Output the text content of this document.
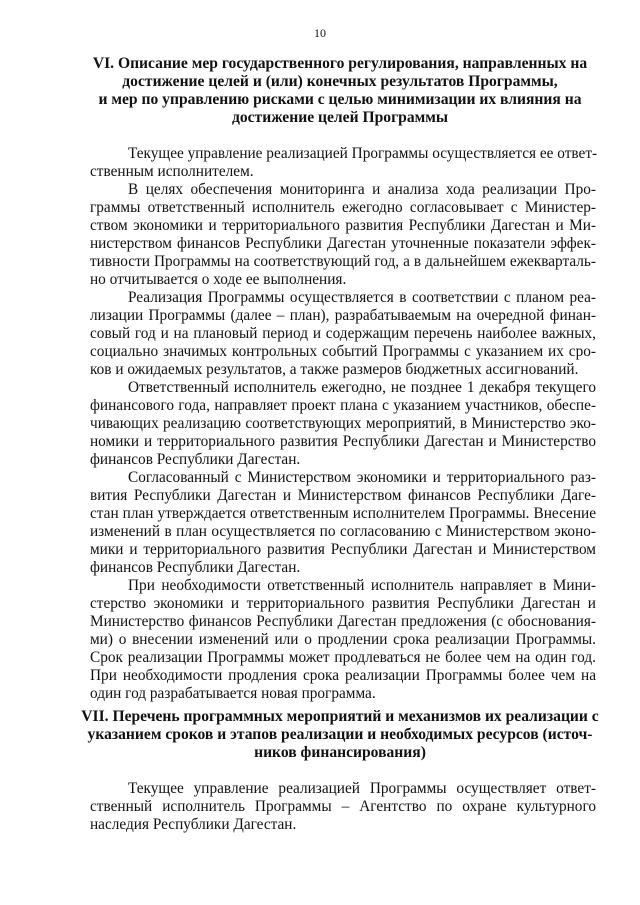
10
VI. Описание мер государственного регулирования, направленных на
достижение целей и (или) конечных результатов Программы,
и мер по управлению рисками с целью минимизации их влияния на
достижение целей Программы
Текущее управление реализацией Программы осуществляется ее ответ-
ственным исполнителем.
В целях обеспечения мониторинга и анализа хода реализации Про-
граммы ответственный исполнитель ежегодно согласовывает с Министер-
ством экономики и территориального развития Республики Дагестан и Ми-
нистерством финансов Республики Дагестан уточненные показатели эффек-
тивности Программы на соответствующий год, а в дальнейшем ежекварталь-
но отчитывается о ходе ее выполнения.
Реализация Программы осуществляется в соответствии с планом реа-
лизации Программы (далее – план), разрабатываемым на очередной финан-
совый год и на плановый период и содержащим перечень наиболее важных,
социально значимых контрольных событий Программы с указанием их сро-
ков и ожидаемых результатов, а также размеров бюджетных ассигнований.
Ответственный исполнитель ежегодно, не позднее 1 декабря текущего
финансового года, направляет проект плана с указанием участников, обеспе-
чивающих реализацию соответствующих мероприятий, в Министерство эко-
номики и территориального развития Республики Дагестан и Министерство
финансов Республики Дагестан.
Согласованный с Министерством экономики и территориального раз-
вития Республики Дагестан и Министерством финансов Республики Даге-
стан план утверждается ответственным исполнителем Программы. Внесение
изменений в план осуществляется по согласованию с Министерством эконо-
мики и территориального развития Республики Дагестан и Министерством
финансов Республики Дагестан.
При необходимости ответственный исполнитель направляет в Мини-
стерство экономики и территориального развития Республики Дагестан и
Министерство финансов Республики Дагестан предложения (с обоснования-
ми) о внесении изменений или о продлении срока реализации Программы.
Срок реализации Программы может продлеваться не более чем на один год.
При необходимости продления срока реализации Программы более чем на
один год разрабатывается новая программа.
VII. Перечень программных мероприятий и механизмов их реализации с
указанием сроков и этапов реализации и необходимых ресурсов (источ-
ников финансирования)
Текущее управление реализацией Программы осуществляет ответ-
ственный исполнитель Программы – Агентство по охране культурного
наследия Республики Дагестан.
